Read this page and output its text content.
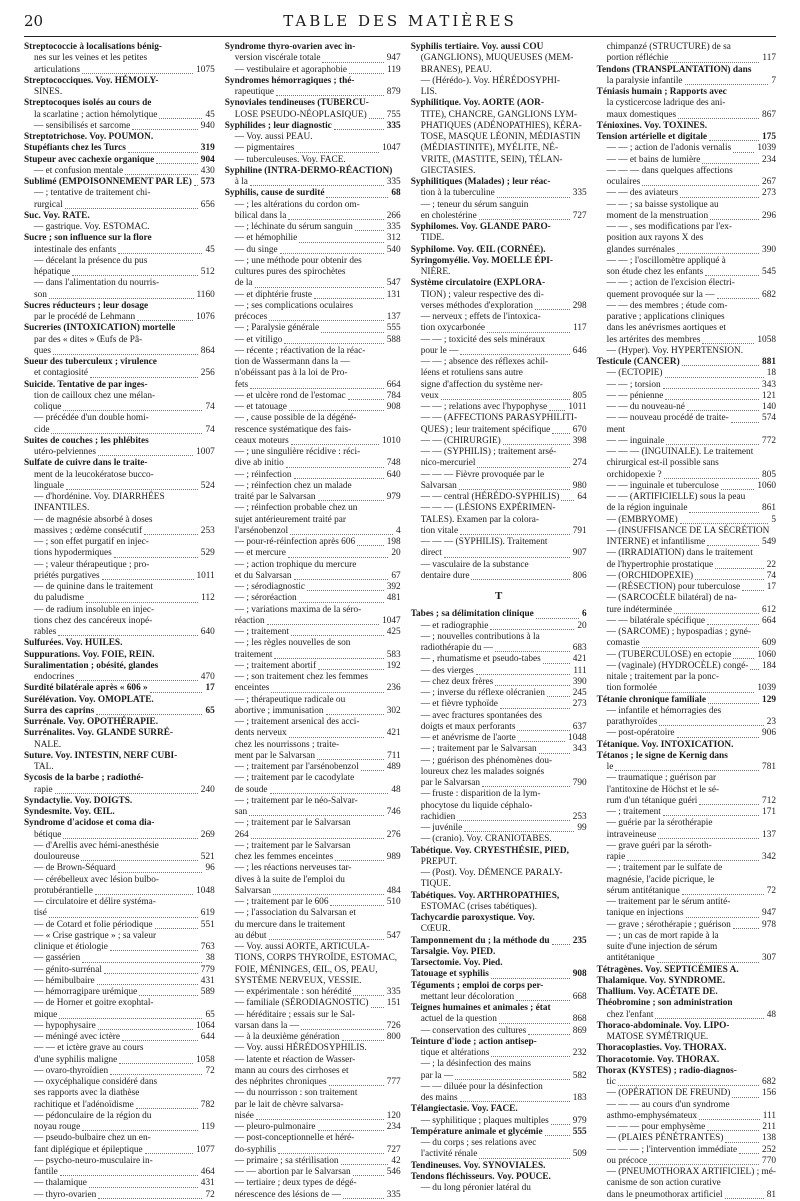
20	TABLE DES MATIÈRES
Streptococcie à localisations bénig-
nes sur les veines et les petites
articulations	1075
Streptococciques. Voy. HÉMOLY-
SINES.
Streptocoques isolés au cours de
la scarlatine ; action hémolytique	45
— sensibilisés et sarcome	940
Streptotrichose. Voy. POUMON.
Stupéfiants chez les Turcs	319
Stupeur avec cachexie organique	904
— et confusion mentale	430
Sublimé (EMPOISONNEMENT PAR LE) 573
— ; tentative de traitement chi-
rurgical	656
Suc. Voy. RATE.
— gastrique. Voy. ESTOMAC.
Sucre ; son influence sur la flore
intestinale des enfants	45
— décelant la présence du pus
hépatique	512
— dans l'alimentation du nourris-
son	1160
Sucres réducteurs ; leur dosage
par le procédé de Lehmann	1076
Sucreries (INTOXICATION) mortelle
par des « dites » Œufs de Pâ-
ques	864
Sueur des tuberculeux ; virulence
et contagiosité	256
Suicide. Tentative de par inges-
tion de cailloux chez une mélan-
colique	74
— précédée d'un double homi-
cide	74
Suites de couches ; les phlébites
utéro-pelviennes	1007
Sulfate de cuivre dans le traite-
ment de la leucokératose bucco-
linguale	524
— d'hordénine. Voy. DIARRHÉES
INFANTILES.
— de magnésie absorbé à doses
massives ; œdème consécutif	253
— ; son effet purgatif en injec-
tions hypodermiques	529
— ; valeur thérapeutique ; pro-
priétés purgatives	1011
— de quinine dans le traitement
du paludisme	112
— de radium insoluble en injec-
tions chez des cancéreux inopé-
rables	640
Sulfurées. Voy. HUILES.
Suppurations. Voy. FOIE, REIN.
Suralimentation ; obésité, glandes
endocrines	470
Surdité bilatérale après « 606 »	17
Surélévation. Voy. OMOPLATE.
Surra des caprins	65
Surrénale. Voy. OPOTHÉRAPIE.
Surrénalites. Voy. GLANDE SURRÉ-
NALE.
Suture. Voy. INTESTIN, NERF CUBI-
TAL.
Sycosis de la barbe ; radiothé-
rapie	240
Syndactylie. Voy. DOIGTS.
Syndesmite. Voy. ŒIL.
Syndrome d'acidose et coma dia-
bétique	269
— d'Arellis avec hémi-anesthésie
douloureuse	521
— de Brown-Séquard	96
— cérébelleux avec lésion bulbo-
protubérantielle	1048
— circulatoire et délire systéma-
tisé	619
— de Cotard et folie périodique	551
— « Crise gastrique » ; sa valeur
clinique et étiologie	763
— gassérien	38
— génito-surrénal	779
— hémibulbaire	431
— hémorragipare urémique	589
— de Horner et goitre exophtal-
mique	65
— hypophysaire	1064
— méningé avec ictère	644
— — et ictère grave au cours
d'une syphilis maligne	1058
— ovaro-thyroïdien	72
— oxycéphalique considéré dans
ses rapports avec la diathèse
rachitique et l'adénoïdisme	782
— pédonculaire de la région du
noyau rouge	119
— pseudo-bulbaire chez un en-
fant diplégique et épileptique	1077
— psycho-neuro-musculaire in-
fantile	464
— thalamique	431
— thyro-ovarien	72
Syndrome thyro-ovarien avec in-
version viscérale totale	947
— vestibulaire et agoraphobie	119
Syndromes hémorragiques ; thé-
rapeutique	879
Synoviales tendineuses (TUBERCU-
LOSE PSEUDO-NÉOPLASIQUE) 755
Syphilides ; leur diagnostic	335
— Voy. aussi PEAU.
— pigmentaires	1047
— tuberculeuses. Voy. FACE.
Syphiline (INTRA-DERMO-RÉACTION)
à la	335
Syphilis, cause de surdité	68
— ; les altérations du cordon om-
bilical dans la	266
— ; léchinate du sérum sanguin	335
— et hémophilie	312
— du singe	540
— ; une méthode pour obtenir des
cultures pures des spirochètes
de la	547
— et diphtérie fruste	131
— ; ses complications oculaires
précoces	137
— ; Paralysie générale	555
— et vitiligo	588
— récente ; réactivation de la réac-
tion de Wassermann dans la —
n'obéissant pas à la loi de Pro-
fets	664
— et ulcère rond de l'estomac	784
— et tatouage	908
— , cause possible de la dégéné-
rescence systématique des fais-
ceaux moteurs	1010
— ; une singulière récidive : réci-
dive ab initio	748
— ; réinfection	640
— ; réinfection chez un malade
traité par le Salvarsan	979
— ; réinfection probable chez un
sujet antérieurement traité par
l'arsénobenzol	4
— pour-ré-réinfection après 606	198
— et mercure	20
— ; action trophique du mercure
et du Salvarsan	67
— ; sérodiagnostic	392
— ; séroréaction	481
— ; variations maxima de la séro-
réaction	1047
— ; traitement	425
— ; les règles nouvelles de son
traitement	583
— ; traitement abortif	192
— ; son traitement chez les femmes
enceintes	236
— ; thérapeutique radicale ou
abortive ; immunisation	302
— ; traitement arsenical des acci-
dents nerveux	421
chez les nourrissons ; traite-
ment par le Salvarsan	711
— ; traitement par l'arsénobenzol	489
— ; traitement par le cacodylate
de soude	48
— ; traitement par le néo-Salvar-
san	746
— ; traitement par le Salvarsan
264	276
— ; traitement par le Salvarsan
chez les femmes enceintes	989
— ; les réactions nerveuses tar-
dives à la suite de l'emploi du
Salvarsan	484
— ; traitement par le 606	510
— ; l'association du Salvarsan et
du mercure dans le traitement
au début	547
— Voy. aussi AORTE, ARTICULA-
TIONS, CORPS THYROÏDE, ESTOMAC,
FOIE, MÉNINGES, ŒIL, OS, PEAU,
SYSTÈME NERVEUX, VESSIE.
— expérimentale : son hérédité	335
— familiale (SÉRODIAGNOSTIC) 151
— héréditaire ; essais sur le Sal-
varsan dans la —	726
— à la deuxième génération	800
— Voy. aussi HÉRÉDOSYPHILIS.
— latente et réaction de Wasser-
mann au cours des cirrhoses et
des néphrites chroniques	777
— du nourrisson : son traitement
par le lait de chèvre salvarsa-
nisée	120
— pleuro-pulmonaire	234
— post-conceptionnelle et héré-
do-syphilis	727
— primaire ; sa stérilisation	42
— — abortion par le Salvarsan	546
— tertiaire ; deux types de dégé-
nérescence des lésions de —	335
Syphilis tertiaire. Voy. aussi COU
(GANGLIONS), MUQUEUSES (MEM-
BRANES), PEAU.
— (Hérédo-). Voy. HÉRÉDOSYPHI-
LIS.
Syphilitique. Voy. AORTE (AOR-
TITE), CHANCRE, GANGLIONS LYM-
PHATIQUES (ADÉNOPATHIES), KÉRA-
TOSE, MASQUE LÉONIN, MÉDIASTIN
(MÉDIASTINITE), MYÉLITE, NÉ-
VRITE, (MASTITE, SEIN), TÉLAN-
GIECTASIES.
Syphilitiques (Malades) ; leur réac-
tion à la tuberculine	335
— ; teneur du sérum sanguin
en cholestérine	727
Syphilomes. Voy. GLANDE PARO-
TIDE.
Syphilome. Voy. ŒIL (CORNÉE).
Syringomyélie. Voy. MOELLE ÉPI-
NIÈRE.
Système circulatoire (EXPLORA-
TION) ; valeur respective des di-
verses méthodes d'exploration	298
— nerveux ; effets de l'intoxica-
tion oxycarbonée	117
— — ; toxicité des sels minéraux
pour le —	646
— — ; absence des réflexes achil-
léens et rotuliens sans autre
signe d'affection du système ner-
veux	805
— — ; relations avec l'hypophyse 1011
— — (AFFECTIONS PARASYPHILITI-
QUES) ; leur traitement spécifique 670
— — (CHIRURGIE)	398
— — (SYPHILIS) ; traitement arsé-
nico-mercuriel	274
— — — Fièvre provoquée par le
Salvarsan	980
— — central (HÉRÉDO-SYPHILIS) 64
— — — (LÉSIONS EXPÉRIMEN-
TALES). Examen par la colora-
tion vitale	791
— — — (SYPHILIS). Traitement
direct	907
— vasculaire de la substance
dentaire dure	806
T
Tabes ; sa délimitation clinique	6
— et radiographie	20
— ; nouvelles contributions à la
radiothérapie du —	683
— , rhumatisme et pseudo-tabes	421
— des vierges	111
— chez deux frères	390
— ; inverse du réflexe olécranien	245
— et fièvre typhoïde	273
— avec fractures spontanées des
doigts et maux perforants	637
— et anévrisme de l'aorte	1048
— ; traitement par le Salvarsan	343
— ; guérison des phénomènes dou-
loureux chez les malades soignés
par le Salvarsan	790
— fruste : disparition de la lym-
phocytose du liquide céphalo-
rachidien	253
— juvénile	99
— (cranio). Voy. CRANIOTABES.
Tabétique. Voy. CRYESTHÉSIE, PIED,
PREPUT.
— (Post). Voy. DÉMENCE PARALY-
TIQUE.
Tabétiques. Voy. ARTHROPATHIES,
ESTOMAC (crises tabétiques).
Tachycardie paroxystique. Voy.
CŒUR.
Tamponnement du ; la méthode du 235
Tarsalgie. Voy. PIED.
Tarsectomie. Voy. Pied.
Tatouage et syphilis	908
Téguments ; emploi de corps per-
mettant leur décoloration	668
Teignes humaines et animales ; état
actuel de la question	868
— conservation des cultures	869
Teinture d'iode ; action antisep-
tique et altérations	232
— ; la désinfection des mains
par la —	582
— — diluée pour la désinfection
des mains	183
Télangiectasie. Voy. FACE.
— syphilitique ; plaques multiples	979
Température animale et glycémie	555
— du corps ; ses relations avec
l'activité rénale	509
Tendineuses. Voy. SYNOVIALES.
Tendons fléchisseurs. Voy. POUCE.
— du long péronier latéral du
chimpanzé (STRUCTURE) de sa
portion réfléchie	117
Tendons (TRANSPLANTATION) dans
la paralysie infantile	7
Téniasis humain ; Rapports avec
la cysticercose ladrique des ani-
maux domestiques	867
Ténioxines. Voy. TOXINES.
Tension artérielle et digitale	175
— — ; action de l'adonis vernalis	1039
— — et bains de lumière	234
— — — dans quelques affections
oculaires	267
— — des aviateurs	273
— — ; sa baisse systolique au
moment de la menstruation	296
— — , ses modifications par l'ex-
position aux rayons X des
glandes surrénales	390
— — ; l'oscillomètre appliqué à
son étude chez les enfants	545
— — ; action de l'excision électri-
quement provoquée sur la —	682
— — des membres ; étude com-
parative ; applications cliniques
dans les anévrismes aortiques et
les artérites des membres	1058
— (Hyper). Voy. HYPERTENSION.
Testicule (CANCER)	881
— (ECTOPIE)	18
— — ; torsion	343
— — pénienne	121
— — du nouveau-né	140
— — nouveau procédé de traite-	574
ment
— — inguinale	772
— — — (INGUINALE). Le traitement
chirurgical est-il possible sans
orchidopexie ?	805
— — inguinale et tuberculose	1060
— — (ARTIFICIELLE) sous la peau
de la région inguinale	861
— (EMBRYOME)	5
— (INSUFFISANCE DE LA SÉCRÉTION
INTERNE) et infantilisme	549
— (IRRADIATION) dans le traitement
de l'hypertrophie prostatique	22
— (ORCHIDOPEXIE)	74
— (RÉSECTION) pour tuberculose	17
— (SARCOCÈLE bilatéral) de na-
ture indéterminée	612
— — bilatérale spécifique	664
— (SARCOME) ; hypospadias ; gyné-
comastie	609
— (TUBERCULOSE) en ectopie	1060
— (vaginale) (HYDROCÈLE) congé- 184
nitale ; traitement par la ponc-
tion formolée	1039
Tétanie chronique familiale	129
— infantile et hémorragies des
parathyroïdes	23
— post-opératoire	906
Tétanique. Voy. INTOXICATION.
Tétanos ; le signe de Kernig dans
le	781
— traumatique ; guérison par
l'antitoxine de Höchst et le sé-
rum d'un tétanique guéri	712
— ; traitement	171
— guérie par la sérothérapie
intraveineuse	137
— grave guéri par la séroth-
rapie	342
— ; traitement par le sulfate de
magnésie, l'acide picrique, le
sérum antitétanique	72
— traitement par le sérum antité-
tanique en injections	947
— grave ; sérothérapie ; guérison	978
— ; un cas de mort rapide à la
suite d'une injection de sérum
antitétanique	307
Tétragènes. Voy. SEPTICÉMIES A.
Thalamique. Voy. SYNDROME.
Thallium. Voy. ACÉTATE DE.
Théobromine ; son administration
chez l'enfant	48
Thoraco-abdominale. Voy. LIPO-
MATOSE SYMÉTRIQUE.
Thoracoplasties. Voy. THORAX.
Thoracotomie. Voy. THORAX.
Thorax (KYSTES) ; radio-diagnos-
tic	682
— (OPÉRATION DE FREUND)	156
— — — au cours d'un syndrome
asthmo-emphysémateux	111
— — — pour emphysème	211
— (PLAIES PÉNÉTRANTES)	138
— — — ; l'intervention immédiate	252
ou précoce	770
— (PNEUMOTHORAX ARTIFICIEL) ; mé-
canisme de son action curative
dans le pneumothorax artificiel	81
